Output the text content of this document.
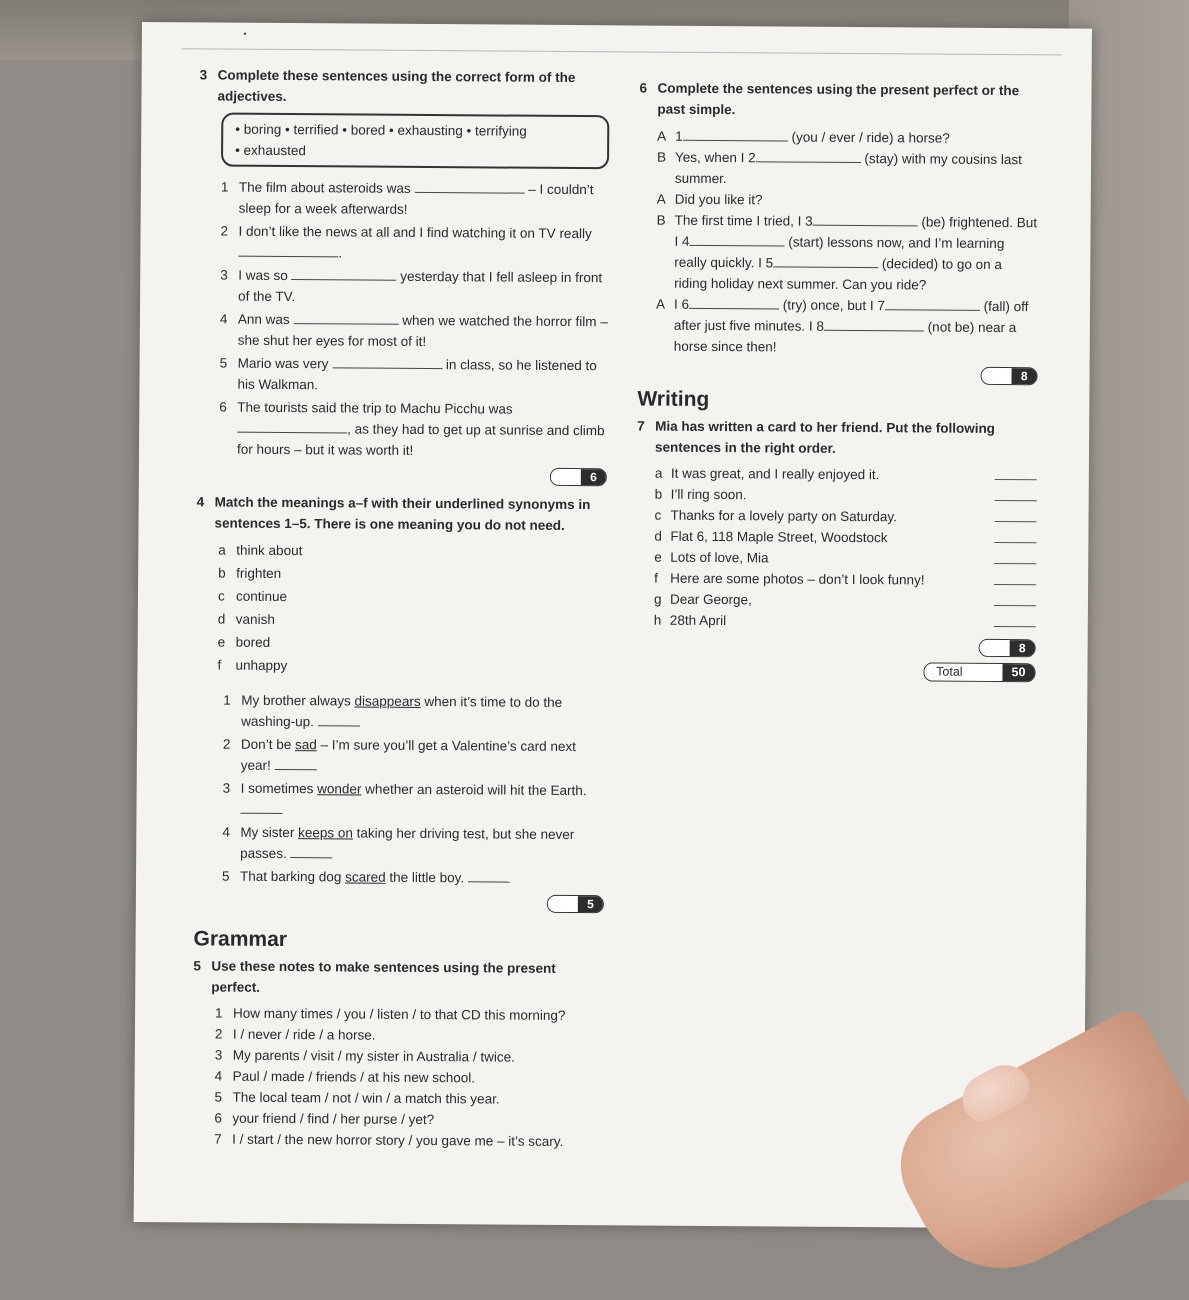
3 Complete these sentences using the correct form of the adjectives.
• boring • terrified • bored • exhausting • terrifying
• exhausted
1 The film about asteroids was	– I couldn’t sleep for a week afterwards!
2 I don’t like the news at all and I find watching it on TV really .
3 I was so	yesterday that I fell asleep in front of the TV.
4 Ann was	when we watched the horror film – she shut her eyes for most of it!
5 Mario was very	in class, so he listened to his Walkman.
6 The tourists said the trip to Machu Picchu was , as they had to get up at sunrise and climb for hours – but it was worth it!
6
4 Match the meanings a–f with their underlined synonyms in sentences 1–5. There is one meaning you do not need.
a think about
b frighten
c continue
d vanish
e bored
f	unhappy
1 My brother always disappears when it’s time to do the washing-up.
2 Don’t be sad – I’m sure you’ll get a Valentine’s card next year!
3 I sometimes wonder whether an asteroid will hit the Earth.
4 My sister keeps on taking her driving test, but she never passes.
5 That barking dog scared the little boy.
5
Grammar
5 Use these notes to make sentences using the present perfect.
1 How many times / you / listen / to that CD this morning?
2 I / never / ride / a horse.
3 My parents / visit / my sister in Australia / twice.
4 Paul / made / friends / at his new school.
5 The local team / not / win / a match this year.
6 your friend / find / her purse / yet?
7 I / start / the new horror story / you gave me – it’s scary.
6 Complete the sentences using the present perfect or the past simple.
A 1	(you / ever / ride) a horse?
B Yes, when I 2	(stay) with my cousins last summer.
A Did you like it?
B The first time I tried, I 3	(be) frightened. But I 4	(start) lessons now, and I’m learning really quickly. I 5	(decided) to go on a riding holiday next summer. Can you ride?
A I 6	(try) once, but I 7	(fall) off after just five minutes. I 8	(not be) near a horse since then!
8
Writing
7 Mia has written a card to her friend. Put the following sentences in the right order.
a It was great, and I really enjoyed it.
b I’ll ring soon.
c Thanks for a lovely party on Saturday.
d Flat 6, 118 Maple Street, Woodstock
e Lots of love, Mia
f Here are some photos – don’t I look funny!
g Dear George,
h 28th April
8
Total	50
